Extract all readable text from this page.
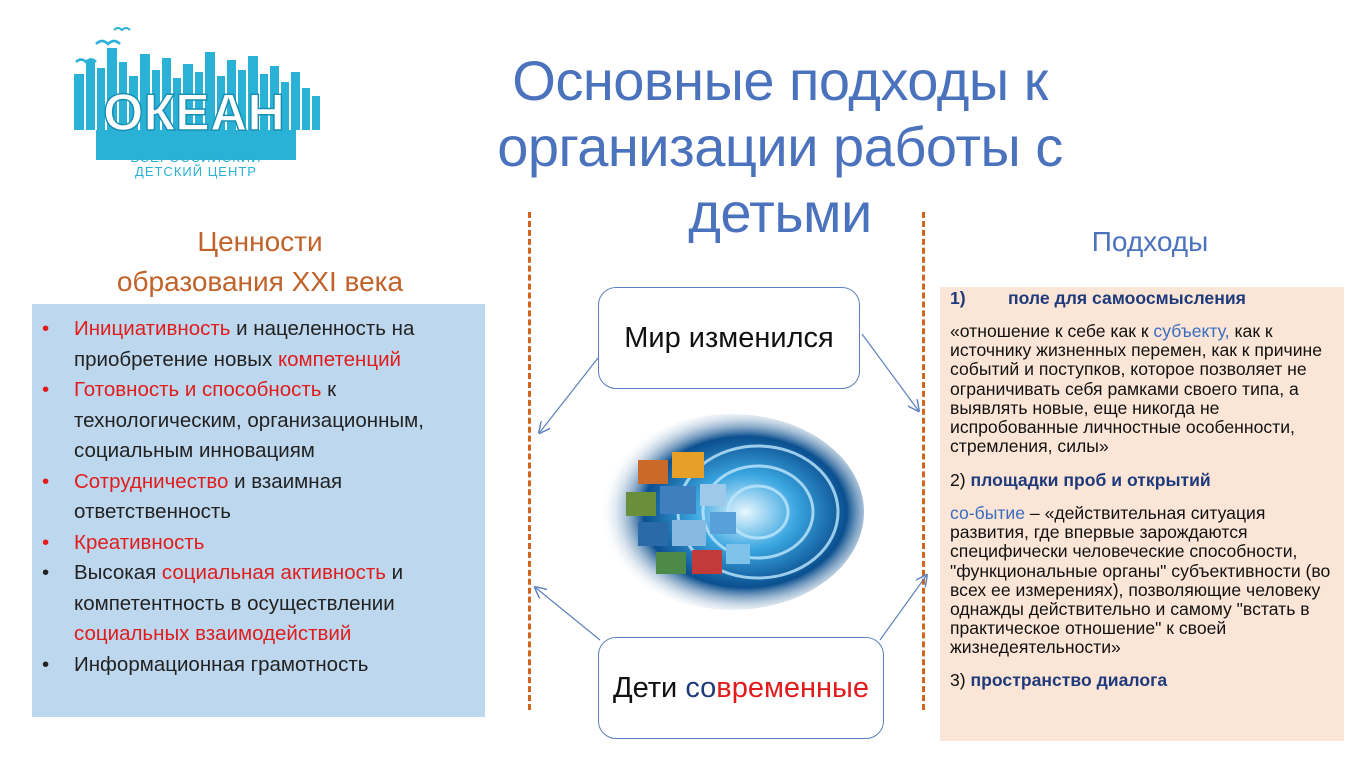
ОКЕАН
ВСЕРОССИЙСКИЙ
ДЕТСКИЙ ЦЕНТР
Основные подходы к
организации работы с детьми
Ценности
образования XXI века
• Инициативность и нацеленность на приобретение новых компетенций
• Готовность и способность к технологическим, организационным, социальным инновациям
• Сотрудничество и взаимная ответственность
• Креативность
• Высокая социальная активность и компетентность в осуществлении социальных взаимодействий
• Информационная грамотность
Мир изменился
Дети современные
Подходы
1) поле для самоосмысления
«отношение к себе как к субъекту, как к источнику жизненных перемен, как к причине событий и поступков, которое позволяет не ограничивать себя рамками своего типа, а выявлять новые, еще никогда не испробованные личностные особенности, стремления, силы»
2) площадки проб и открытий
со-бытие – «действительная ситуация развития, где впервые зарождаются специфически человеческие способности, "функциональные органы" субъективности (во всех ее измерениях), позволяющие человеку однажды действительно и самому "встать в практическое отношение" к своей жизнедеятельности»
3) пространство диалога
